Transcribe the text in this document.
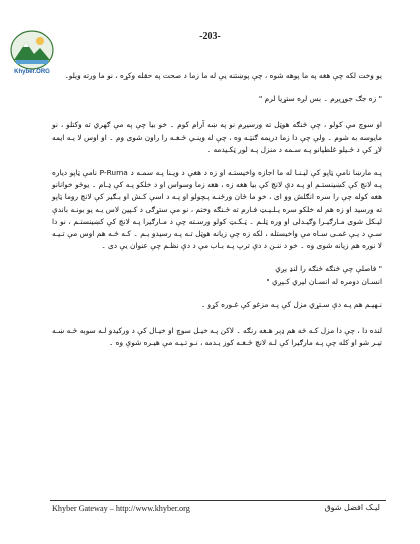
Khyber.ORG
-203-

یو وخت لکه چې هغه په ما پوهه شوه ، چې پوښتنه یې له ما زما د صحت په حقله وکړه ، نو ما ورته ویلو۔

" زه جګ جوړیږم ۔ بس لږه ستړیا لرم "

او سوچ مې کولو ، چې څنګه هوټل ته ورسیږم نو په ښه آرام کوم ۔ خو بیا چې په مې ګهري ته وکتلو ، نو مایوسه به شوم ۔ ولې چې دا زما دریمه ګنټـه وه ، چې له وینـي ځـغـه را راون شوی وم ۔ او اوس لا یـه ایمه لاړ کې د ځـیلو غلطیانو پـه سـمه د منزل پـه لور ټکـیدمه ۔

پـه مارښا نامې ټاپو کې لیـنـا له ما اجازه واخیستـه او زه د هغې د ویـنا پـه سمـه د P-Ruma نامې ټاپو دیاره پـه لانچ کې کښینستـم او پـه دې لانچ کې بیا هغه زه ، هغه زما وسواس او د خلکو پـه کې ډـام ۔ یوځو خوانانو هغه کوله چې را سره انګلش وو ای ، خو ما ځان ورځنـه پـچولو او پـه د اسې کـش او بـګیر کې لانچ روما ټاپو ته ورسید او زه هم له خلکو سره یـلـیـټ فـارم ته ځـنګه وختم ، نو مې ستړګی د کـپین لاس یـه یو بونـه باندې لیـکل شوی مـارګیـرا وګیـدلی او وره ټلـم ۔ ټـکـټ کولو ورسـته چې د مـارګیرا پـه لانچ کې کښینستـم ، نو دا سـې د یـې غمـی سـاه مې واخیستله ، لکه زه چې زیانه هوټل تـه پـه رسیدو یـم ۔ کـه څـه هم اوس مې تـیـه لا نوره هم زیانه شوی وه ۔ خو د ننـن د دې ترپ پـه بـاب مې د دې نظـم چې عنوان یې دی ۔

" فاصلې چې څنګه ځنګه را لنډ یږي
انسـان دومره له انسـان لیري کـیږي "

نـهیـم هم پـه دې سـتړي مزل کې پـه مزغو کې غـوره کړو ۔

لنده دا ، چې دا مزل کـه څه هم ډېر هـغه رنګه ۔ لاکن پـه خیـل سوچ او خیـال کې د ورکیدو لـه سوبه ځـه ښـه تیـر شو او کله چې پـه مارګیرا کې لـه لانچ ځـغـه کوز یـدمه ، نـو تـیـه مې هیـره شوې وه ۔

Khyber Gateway – http://www.khyber.org	لیـک افضل شوق
